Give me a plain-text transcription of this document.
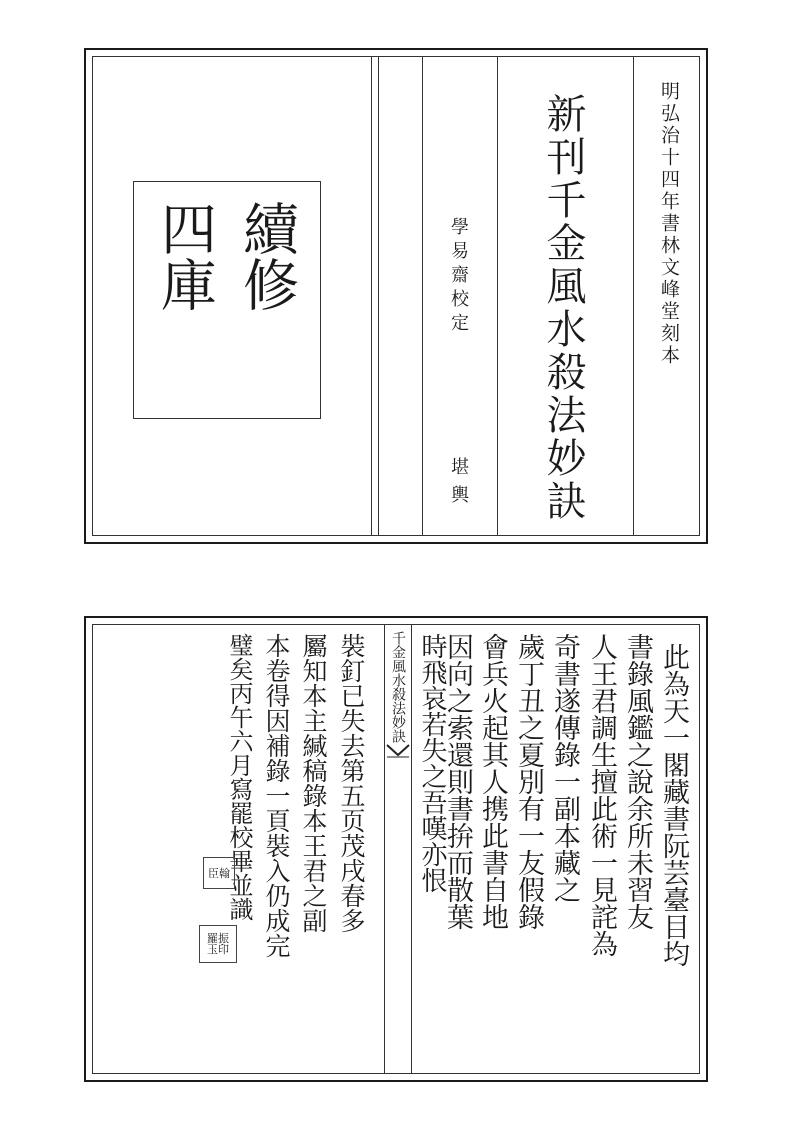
續修
四庫	學易齋校定
堪輿 新刊千金風水殺法妙訣	明弘治十四年書林文峰堂刻本
千金風水殺法妙訣	此為天一閣藏書阮芸臺目均
書錄風鑑之說余所未習友
人王君調生擅此術一見詫為
奇書遂傳錄一副本藏之
歲丁丑之夏別有一友假錄
會兵火起其人携此書自地
因向之索還則書拚而散葉
時飛哀若失之吾嘆亦恨
裝釘已失去第五页茂戌春多
屬知本主緘稿錄本王君之副
本卷得因補錄一頁裝入仍成完
璧矣丙午六月寫罷校畢並識
臣翰
羅振玉印
